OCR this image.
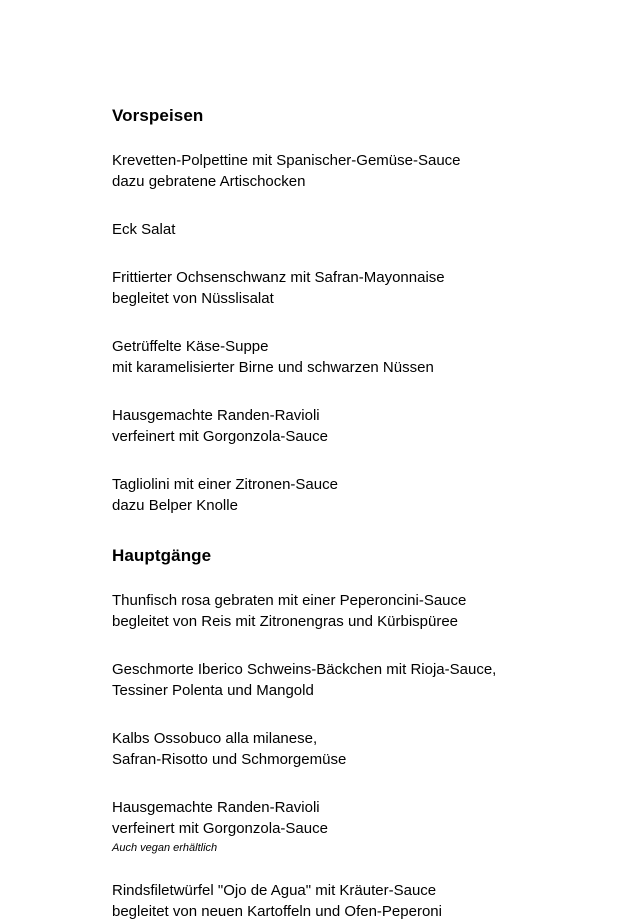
Vorspeisen
Krevetten-Polpettine mit Spanischer-Gemüse-Sauce
dazu gebratene Artischocken
Eck Salat
Frittierter Ochsenschwanz mit Safran-Mayonnaise
begleitet von Nüsslisalat
Getrüffelte Käse-Suppe
mit karamelisierter Birne und schwarzen Nüssen
Hausgemachte Randen-Ravioli
verfeinert mit Gorgonzola-Sauce
Tagliolini mit einer Zitronen-Sauce
dazu Belper Knolle
Hauptgänge
Thunfisch rosa gebraten mit einer Peperoncini-Sauce
begleitet von Reis mit Zitronengras und Kürbispüree
Geschmorte Iberico Schweins-Bäckchen mit Rioja-Sauce,
Tessiner Polenta und Mangold
Kalbs Ossobuco alla milanese,
Safran-Risotto und Schmorgemüse
Hausgemachte Randen-Ravioli
verfeinert mit Gorgonzola-Sauce
Auch vegan erhältlich
Rindsfiletwürfel "Ojo de Agua" mit Kräuter-Sauce
begleitet von neuen Kartoffeln und Ofen-Peperoni
